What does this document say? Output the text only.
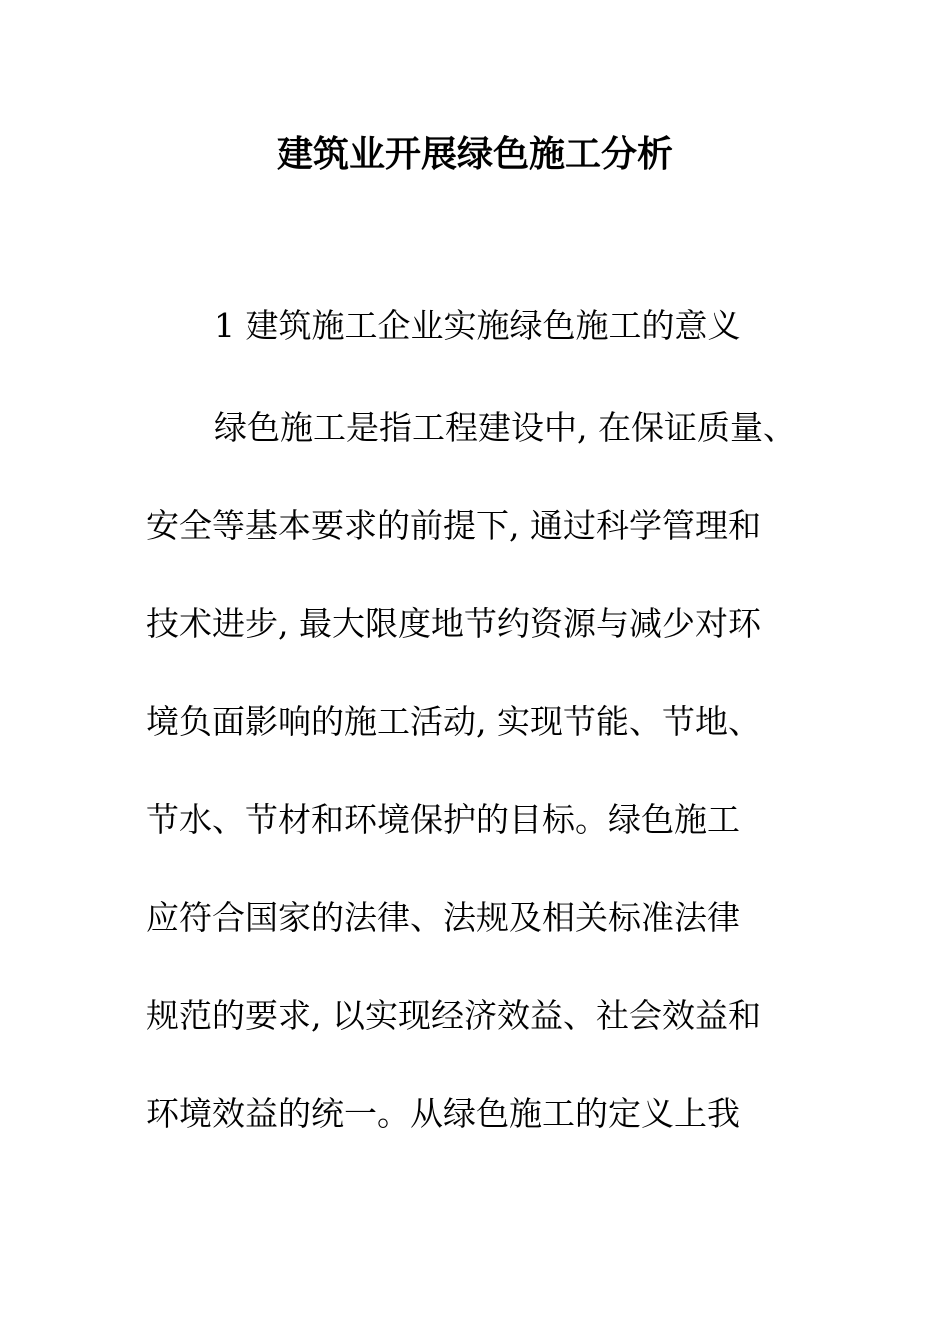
建筑业开展绿色施工分析

1 建筑施工企业实施绿色施工的意义

绿色施工是指工程建设中, 在保证质量、

安全等基本要求的前提下, 通过科学管理和

技术进步, 最大限度地节约资源与减少对环

境负面影响的施工活动, 实现节能、节地、

节水、节材和环境保护的目标。绿色施工

应符合国家的法律、法规及相关标准法律

规范的要求, 以实现经济效益、社会效益和

环境效益的统一。从绿色施工的定义上我
